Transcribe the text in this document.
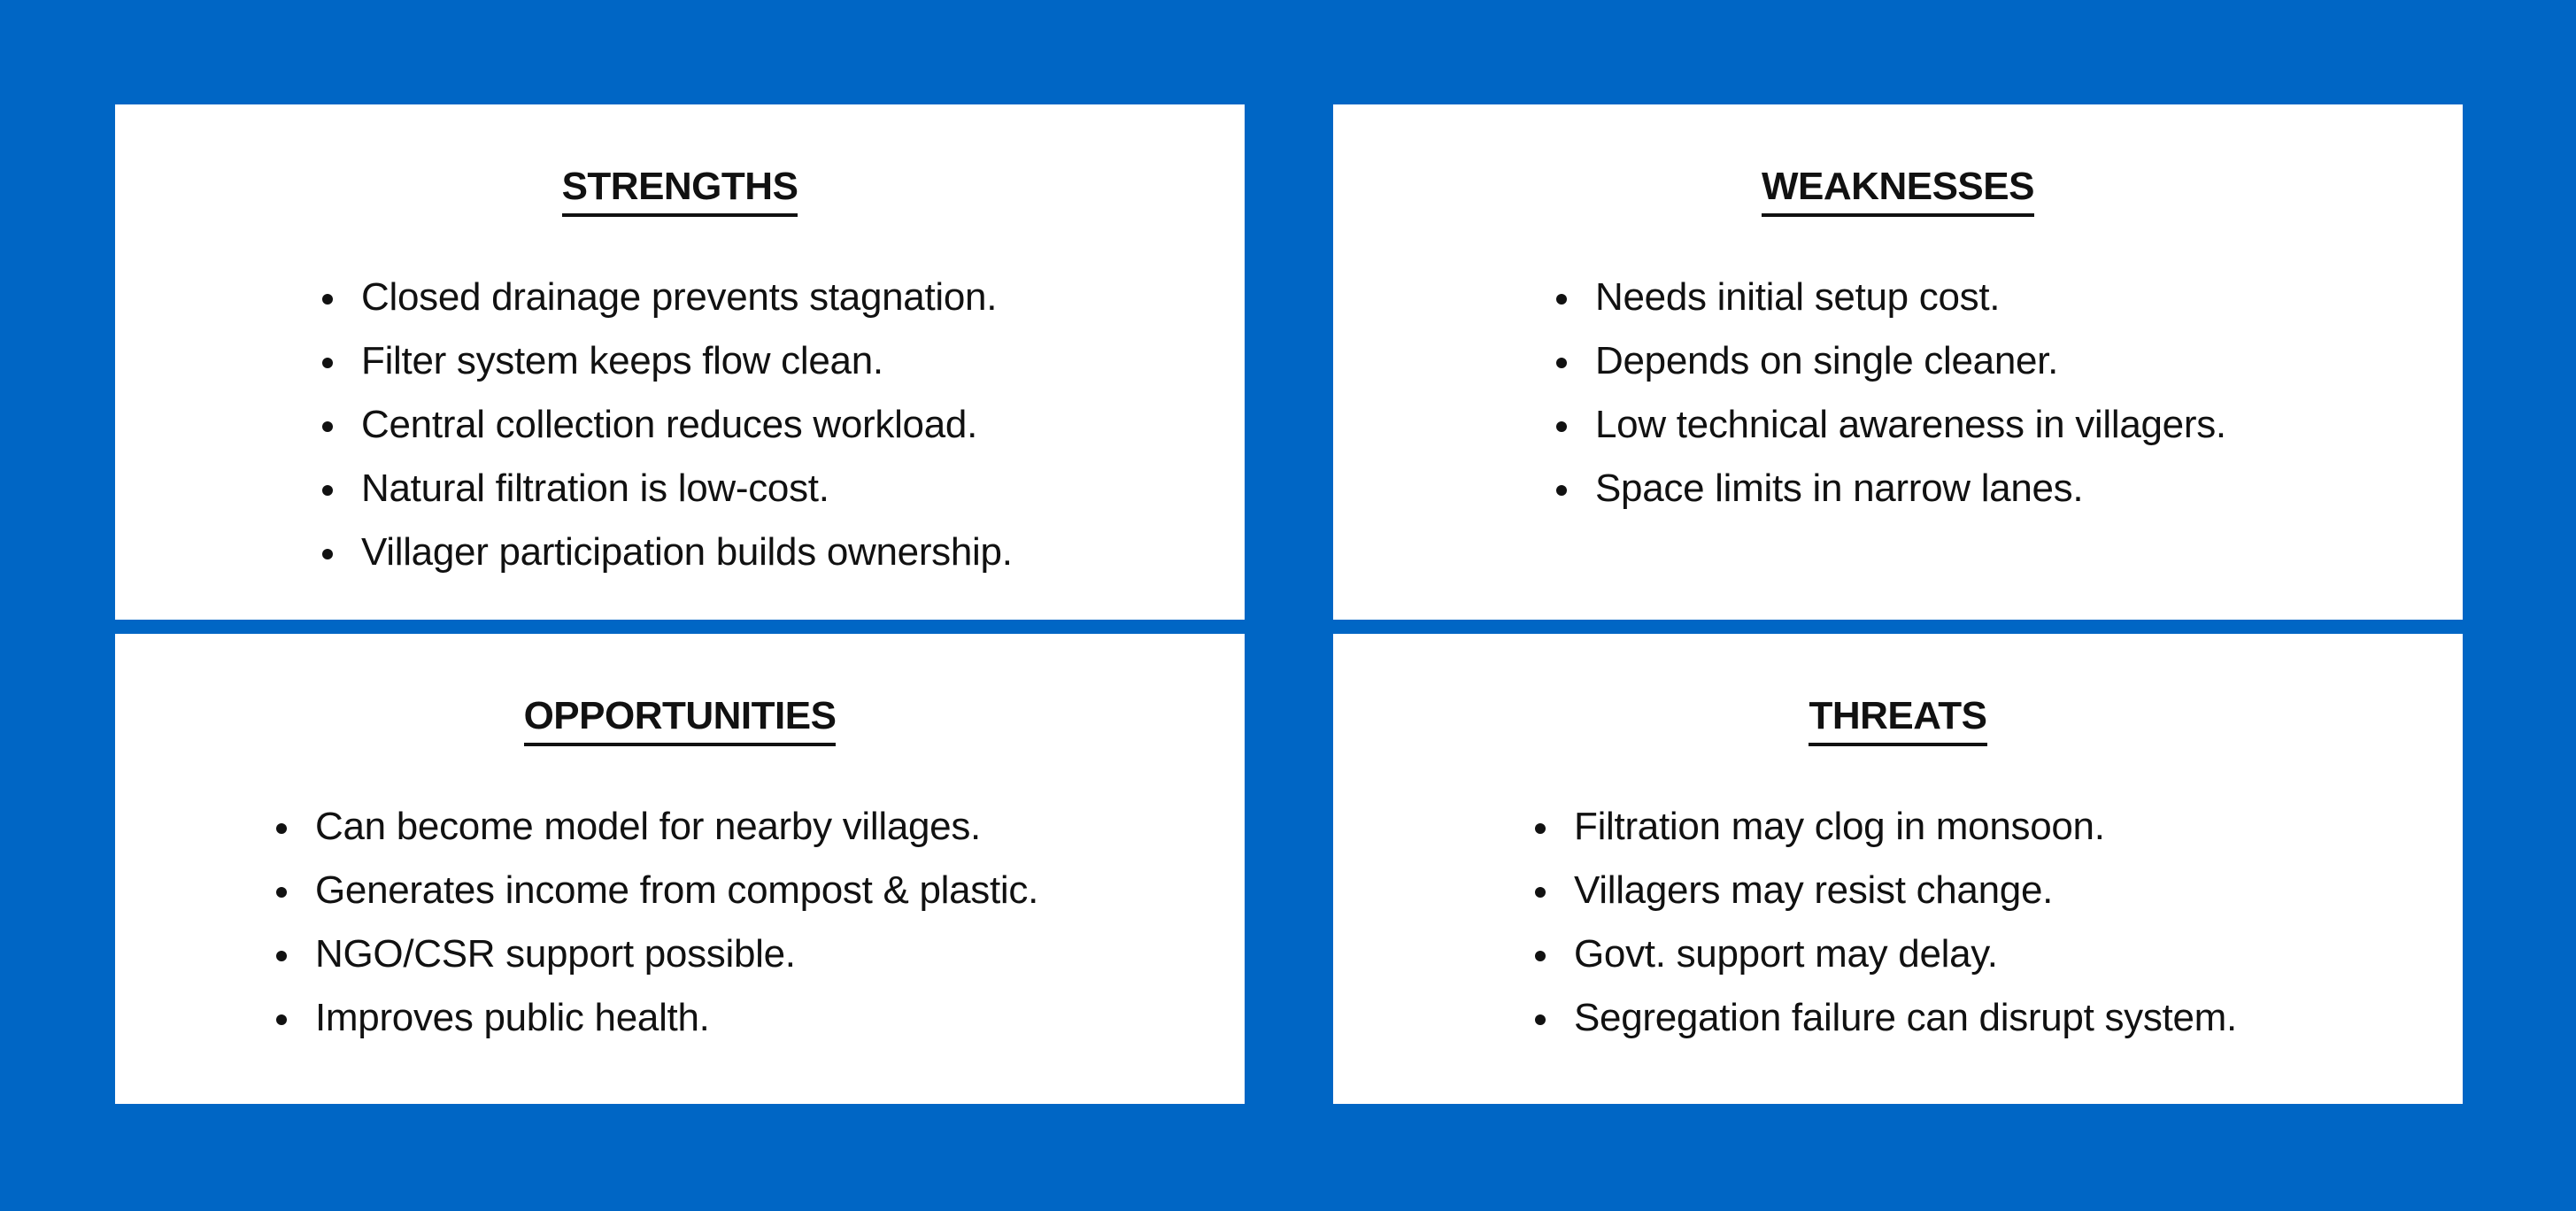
STRENGTHS
Closed drainage prevents stagnation.
Filter system keeps flow clean.
Central collection reduces workload.
Natural filtration is low-cost.
Villager participation builds ownership.
WEAKNESSES
Needs initial setup cost.
Depends on single cleaner.
Low technical awareness in villagers.
Space limits in narrow lanes.
OPPORTUNITIES
Can become model for nearby villages.
Generates income from compost & plastic.
NGO/CSR support possible.
Improves public health.
THREATS
Filtration may clog in monsoon.
Villagers may resist change.
Govt. support may delay.
Segregation failure can disrupt system.
